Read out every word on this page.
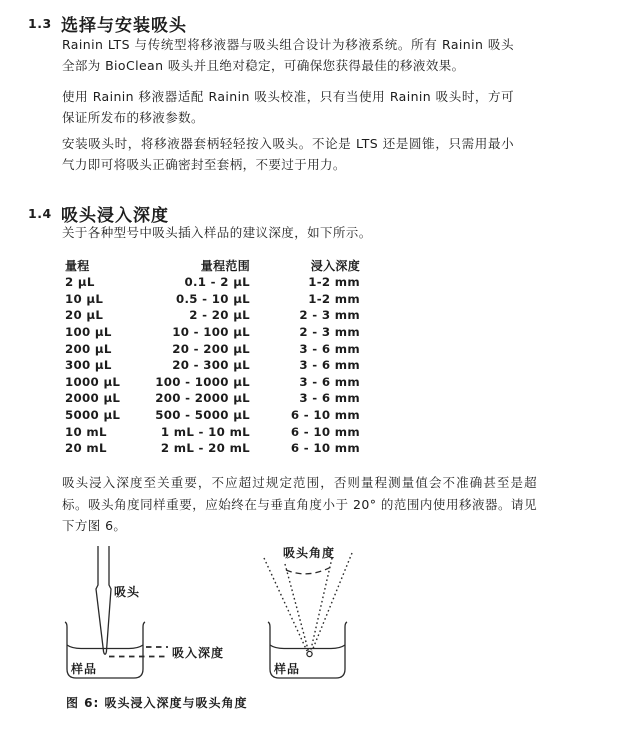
1.3 选择与安装吸头
Rainin LTS 与传统型将移液器与吸头组合设计为移液系统。所有 Rainin 吸头全部为 BioClean 吸头并且绝对稳定，可确保您获得最佳的移液效果。
使用 Rainin 移液器适配 Rainin 吸头校准，只有当使用 Rainin 吸头时，方可保证所发布的移液参数。
安装吸头时，将移液器套柄轻轻按入吸头。不论是 LTS 还是圆锥，只需用最小气力即可将吸头正确密封至套柄，不要过于用力。
1.4 吸头浸入深度
关于各种型号中吸头插入样品的建议深度，如下所示。
量程	量程范围	浸入深度
2 μL	0.1 - 2 μL	1-2 mm
10 μL	0.5 - 10 μL	1-2 mm
20 μL	2 - 20 μL	2 - 3 mm
100 μL	10 - 100 μL	2 - 3 mm
200 μL	20 - 200 μL	3 - 6 mm
300 μL	20 - 300 μL	3 - 6 mm
1000 μL	100 - 1000 μL	3 - 6 mm
2000 μL	200 - 2000 μL	3 - 6 mm
5000 μL	500 - 5000 μL	6 - 10 mm
10 mL	1 mL - 10 mL	6 - 10 mm
20 mL	2 mL - 20 mL	6 - 10 mm
吸头浸入深度至关重要，不应超过规定范围，否则量程测量值会不准确甚至是超标。吸头角度同样重要，应始终在与垂直角度小于 20° 的范围内使用移液器。请见下方图 6。
吸头
吸入深度
样品
吸头角度
样品
图 6: 吸头浸入深度与吸头角度
